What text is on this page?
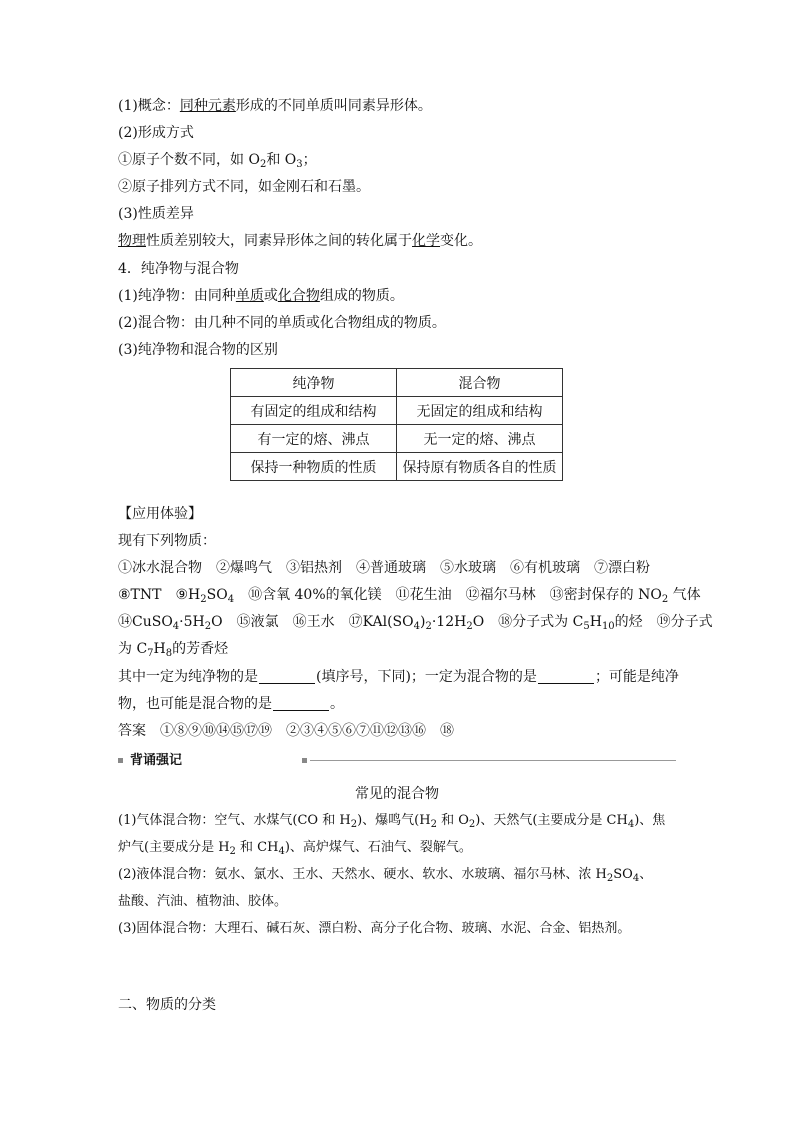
(1)概念：同种元素形成的不同单质叫同素异形体。
(2)形成方式
①原子个数不同，如 $O_2$和 $O_3$；
②原子排列方式不同，如金刚石和石墨。
(3)性质差异
物理性质差别较大，同素异形体之间的转化属于化学变化。
4．纯净物与混合物
(1)纯净物：由同种单质或化合物组成的物质。
(2)混合物：由几种不同的单质或化合物组成的物质。
(3)纯净物和混合物的区别
纯净物	混合物
有固定的组成和结构	无固定的组成和结构
有一定的熔、沸点	无一定的熔、沸点
保持一种物质的性质	保持原有物质各自的性质
【应用体验】
现有下列物质：
①冰水混合物　②爆鸣气　③铝热剂　④普通玻璃　⑤水玻璃　⑥有机玻璃　⑦漂白粉
⑧TNT　$⑨H_2SO_4$　⑩含氧 40%的氧化镁　⑪花生油　⑫福尔马林　⑬密封保存的 $NO_2$ 气体
$⑭CuSO_4\cdot 5H_2O$　⑮液氯　⑯王水　$⑰KAl(SO_4)_2\cdot 12H_2O$　⑱分子式为 $C_5H_{10}$的烃　⑲分子式
为 $C_7H_8$的芳香烃
其中一定为纯净物的是	(填序号，下同)；一定为混合物的是	；可能是纯净
物，也可能是混合物的是	。
答案　①⑧⑨⑩⑭⑮⑰⑲　②③④⑤⑥⑦⑪⑫⑬⑯　⑱
背诵强记
常见的混合物
(1)气体混合物：空气、水煤气(CO 和 $H_2$)、爆鸣气($H_2$ 和 $O_2$)、天然气(主要成分是 $CH_4$)、焦
炉气(主要成分是 $H_2$ 和 $CH_4$)、高炉煤气、石油气、裂解气。
(2)液体混合物：氨水、氯水、王水、天然水、硬水、软水、水玻璃、福尔马林、浓 $H_2SO_4$、
盐酸、汽油、植物油、胶体。
(3)固体混合物：大理石、碱石灰、漂白粉、高分子化合物、玻璃、水泥、合金、铝热剂。
二、物质的分类
